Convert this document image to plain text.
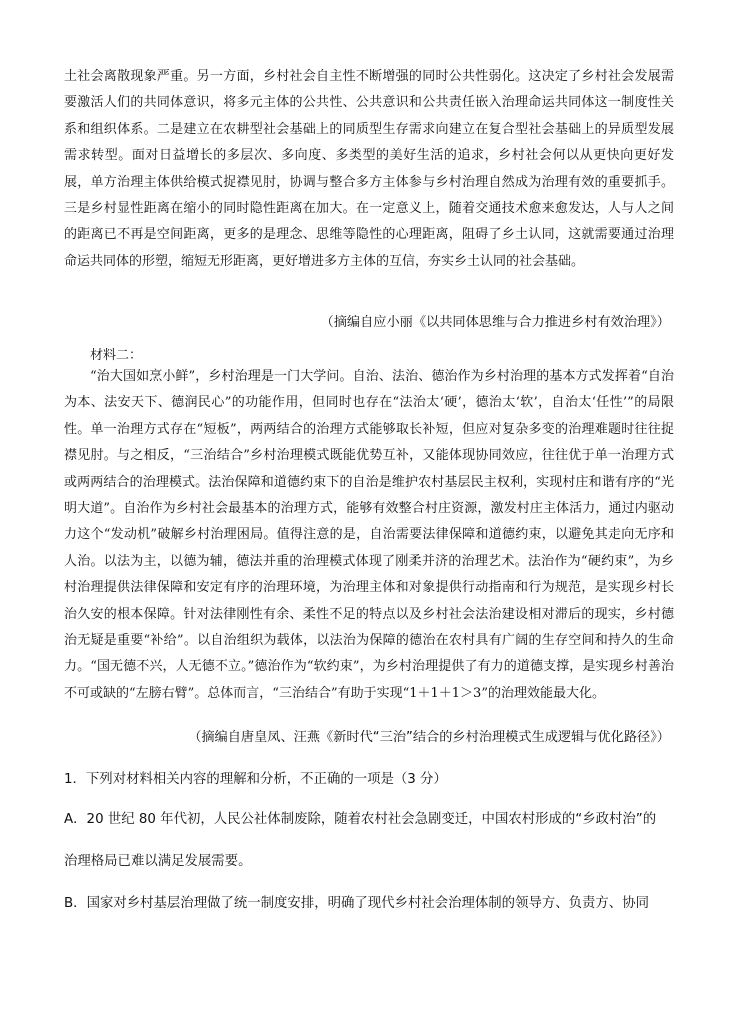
土社会离散现象严重。另一方面，乡村社会自主性不断增强的同时公共性弱化。这决定了乡村社会发展需要激活人们的共同体意识，将多元主体的公共性、公共意识和公共责任嵌入治理命运共同体这一制度性关系和组织体系。二是建立在农耕型社会基础上的同质型生存需求向建立在复合型社会基础上的异质型发展需求转型。面对日益增长的多层次、多向度、多类型的美好生活的追求，乡村社会何以从更快向更好发展，单方治理主体供给模式捉襟见肘，协调与整合多方主体参与乡村治理自然成为治理有效的重要抓手。三是乡村显性距离在缩小的同时隐性距离在加大。在一定意义上，随着交通技术愈来愈发达，人与人之间的距离已不再是空间距离，更多的是理念、思维等隐性的心理距离，阻碍了乡土认同，这就需要通过治理命运共同体的形塑，缩短无形距离，更好增进多方主体的互信，夯实乡土认同的社会基础。

（摘编自应小丽《以共同体思维与合力推进乡村有效治理》）

材料二：

“治大国如烹小鲜”，乡村治理是一门大学问。自治、法治、德治作为乡村治理的基本方式发挥着“自治为本、法安天下、德润民心”的功能作用，但同时也存在“法治太‘硬’，德治太‘软’，自治太‘任性’”的局限性。单一治理方式存在“短板”，两两结合的治理方式能够取长补短，但应对复杂多变的治理难题时往往捉襟见肘。与之相反，“三治结合”乡村治理模式既能优势互补，又能体现协同效应，往往优于单一治理方式或两两结合的治理模式。法治保障和道德约束下的自治是维护农村基层民主权利，实现村庄和谐有序的“光明大道”。自治作为乡村社会最基本的治理方式，能够有效整合村庄资源，激发村庄主体活力，通过内驱动力这个“发动机”破解乡村治理困局。值得注意的是，自治需要法律保障和道德约束，以避免其走向无序和人治。以法为主，以德为辅，德法并重的治理模式体现了刚柔并济的治理艺术。法治作为“硬约束”，为乡村治理提供法律保障和安定有序的治理环境，为治理主体和对象提供行动指南和行为规范，是实现乡村长治久安的根本保障。针对法律刚性有余、柔性不足的特点以及乡村社会法治建设相对滞后的现实，乡村德治无疑是重要“补给”。以自治组织为载体，以法治为保障的德治在农村具有广阔的生存空间和持久的生命力。“国无德不兴，人无德不立。”德治作为“软约束”，为乡村治理提供了有力的道德支撑，是实现乡村善治不可或缺的“左膀右臂”。总体而言，“三治结合”有助于实现“1＋1＋1＞3”的治理效能最大化。

（摘编自唐皇凤、汪燕《新时代“三治”结合的乡村治理模式生成逻辑与优化路径》）

1．下列对材料相关内容的理解和分析，不正确的一项是（3 分）

A．20 世纪 80 年代初，人民公社体制废除，随着农村社会急剧变迁，中国农村形成的“乡政村治”的

治理格局已难以满足发展需要。

B．国家对乡村基层治理做了统一制度安排，明确了现代乡村社会治理体制的领导方、负责方、协同
